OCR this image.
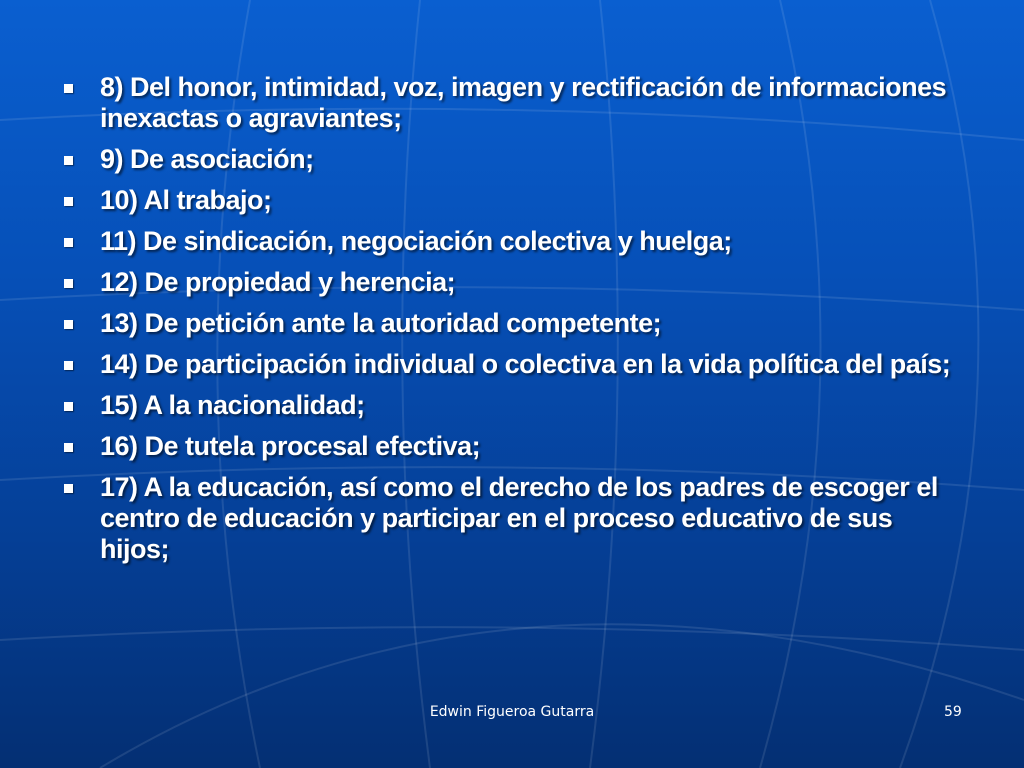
8) Del honor, intimidad, voz, imagen y rectificación de informaciones inexactas o agraviantes;
9) De asociación;
10) Al trabajo;
11) De sindicación, negociación colectiva y huelga;
12) De propiedad y herencia;
13) De petición ante la autoridad competente;
14) De participación individual o colectiva en la vida política del país;
15) A la nacionalidad;
16) De tutela procesal efectiva;
17) A la educación, así como el derecho de los padres de escoger el centro de educación y participar en el proceso educativo de sus hijos;
Edwin Figueroa Gutarra	59
